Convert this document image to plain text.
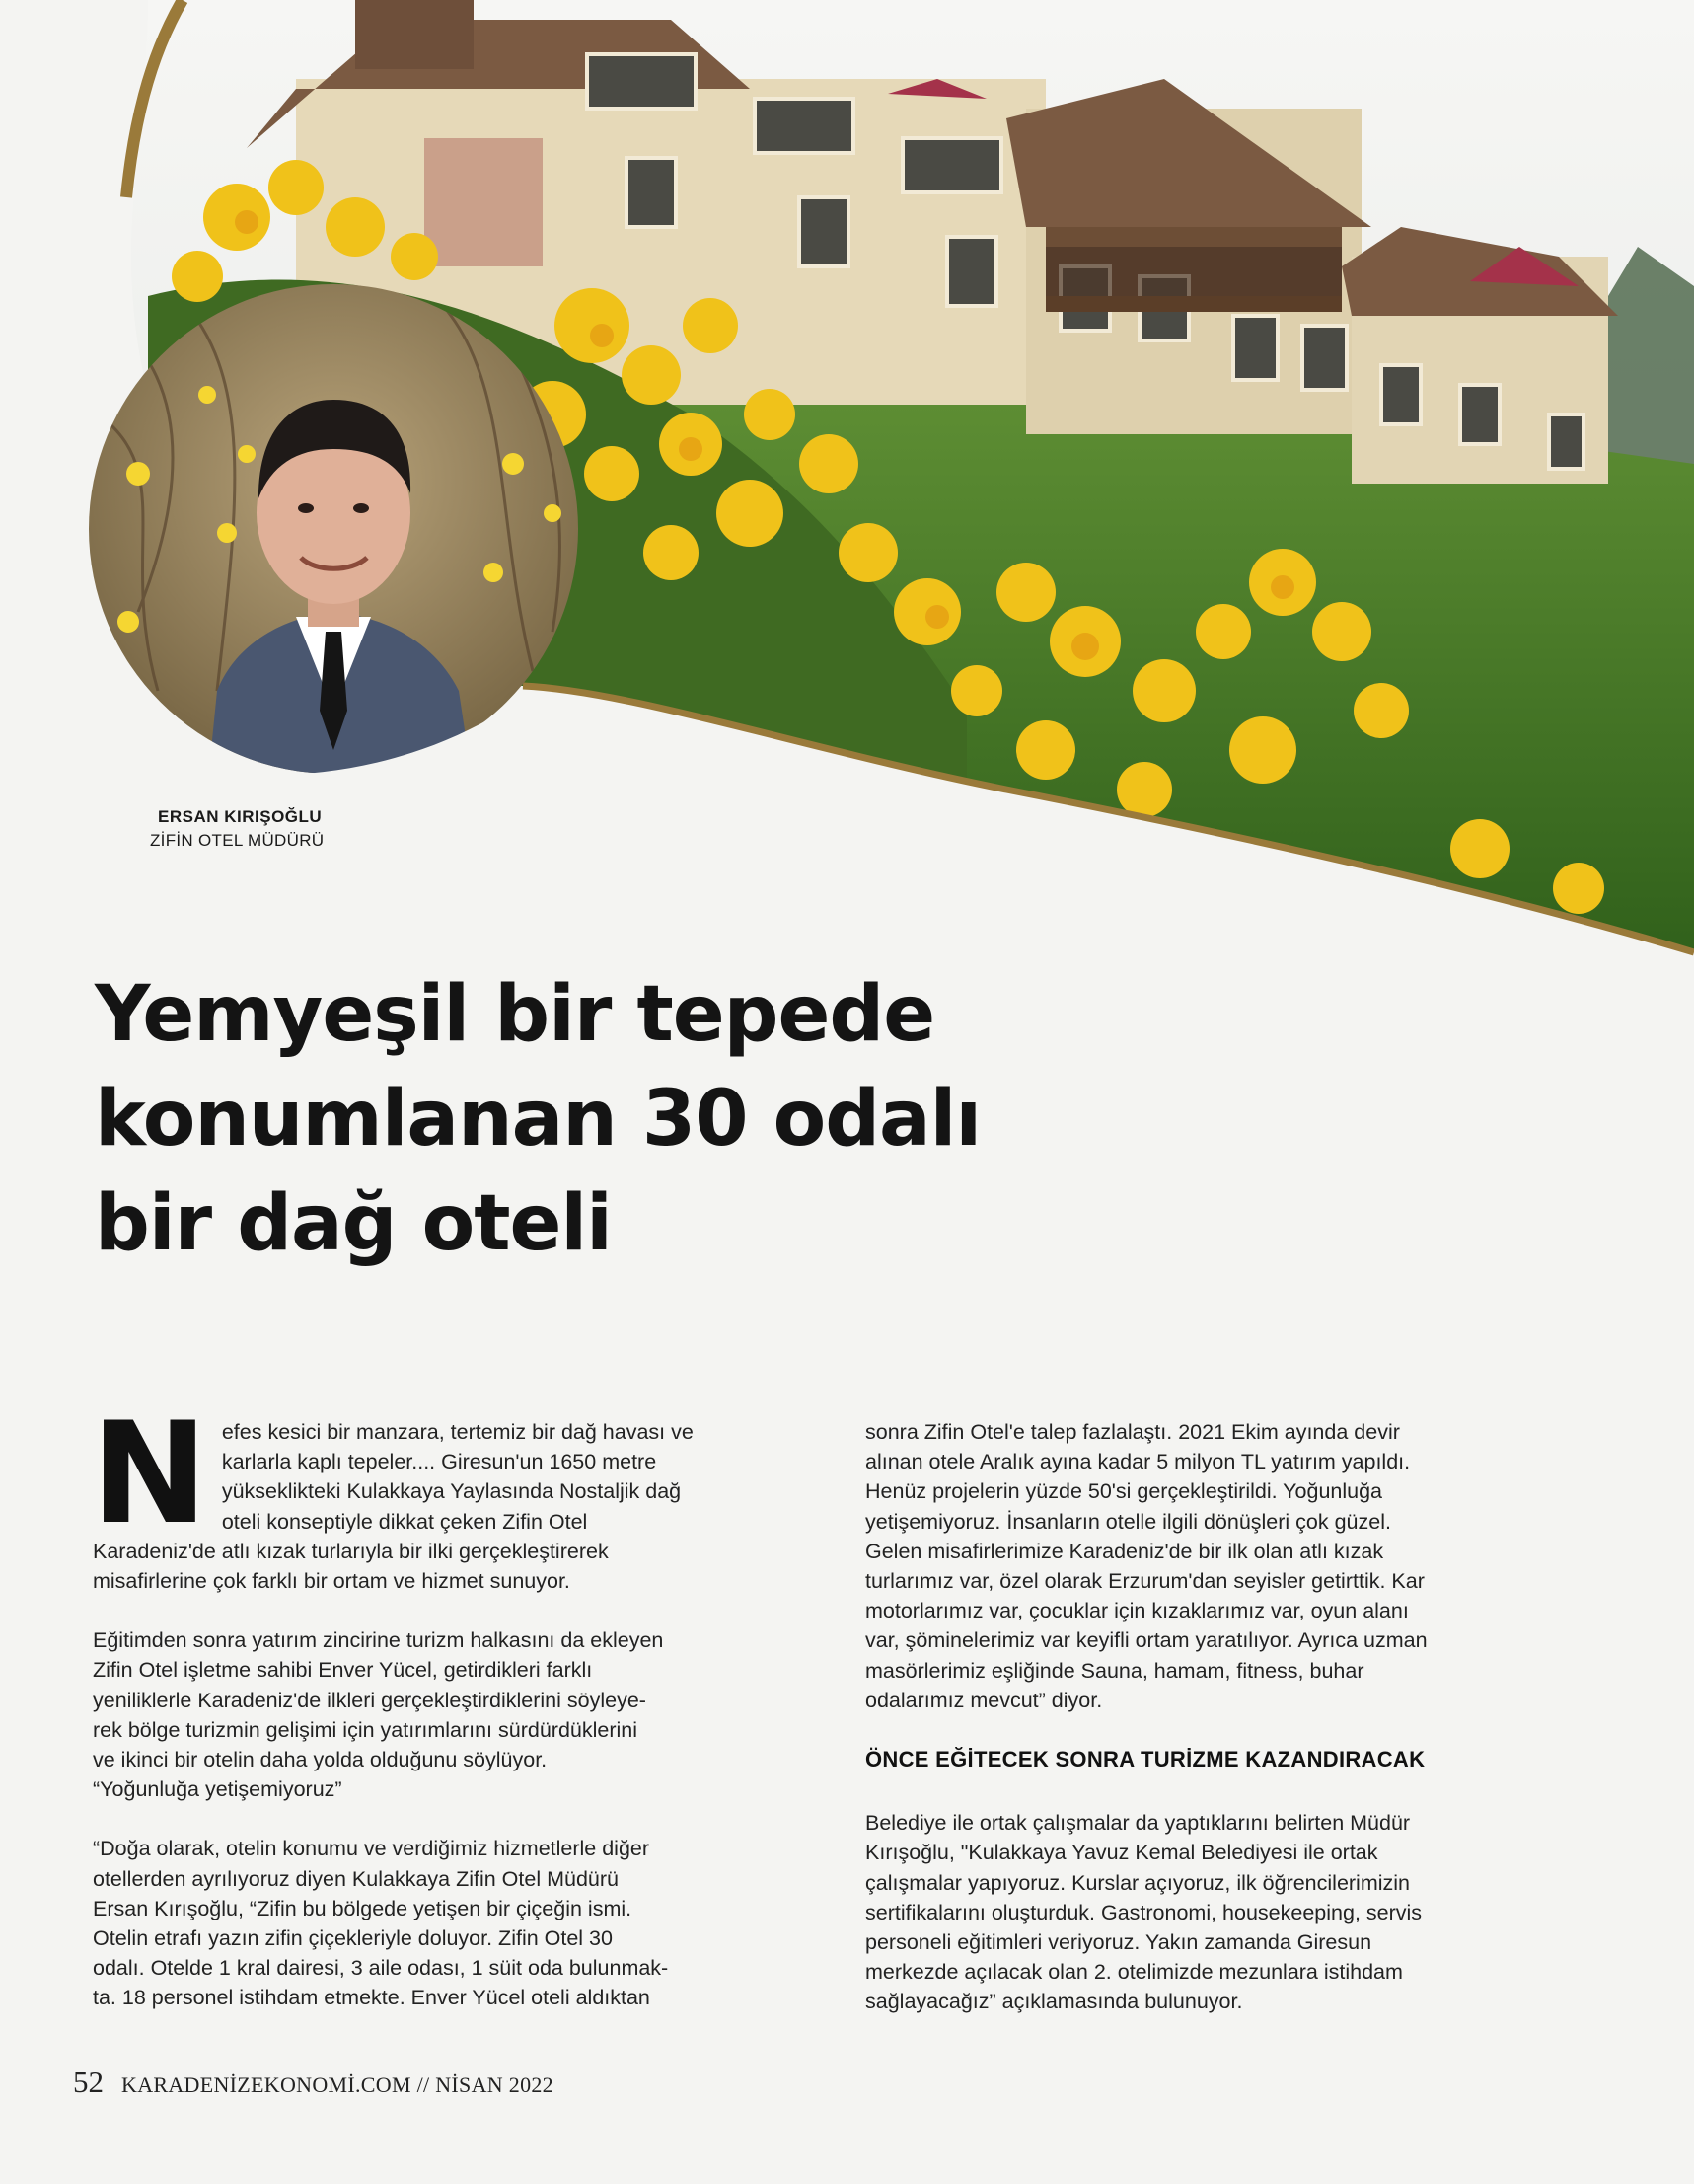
ERSAN KIRIŞOĞLU
ZİFİN OTEL MÜDÜRÜ
Yemyeşil bir tepede
konumlanan 30 odalı
bir dağ oteli
N efes kesici bir manzara, tertemiz bir dağ havası ve
karlarla kaplı tepeler.... Giresun'un 1650 metre
yükseklikteki Kulakkaya Yaylasında Nostaljik dağ
oteli konseptiyle dikkat çeken Zifin Otel
Karadeniz'de atlı kızak turlarıyla bir ilki gerçekleştirerek
misafirlerine çok farklı bir ortam ve hizmet sunuyor.

Eğitimden sonra yatırım zincirine turizm halkasını da ekleyen
Zifin Otel işletme sahibi Enver Yücel, getirdikleri farklı
yeniliklerle Karadeniz'de ilkleri gerçekleştirdiklerini söyleye-
rek bölge turizmin gelişimi için yatırımlarını sürdürdüklerini
ve ikinci bir otelin daha yolda olduğunu söylüyor.
“Yoğunluğa yetişemiyoruz”

“Doğa olarak, otelin konumu ve verdiğimiz hizmetlerle diğer
otellerden ayrılıyoruz diyen Kulakkaya Zifin Otel Müdürü
Ersan Kırışoğlu, “Zifin bu bölgede yetişen bir çiçeğin ismi.
Otelin etrafı yazın zifin çiçekleriyle doluyor. Zifin Otel 30
odalı. Otelde 1 kral dairesi, 3 aile odası, 1 süit oda bulunmak-
ta. 18 personel istihdam etmekte. Enver Yücel oteli aldıktan

sonra Zifin Otel'e talep fazlalaştı. 2021 Ekim ayında devir
alınan otele Aralık ayına kadar 5 milyon TL yatırım yapıldı.
Henüz projelerin yüzde 50'si gerçekleştirildi. Yoğunluğa
yetişemiyoruz. İnsanların otelle ilgili dönüşleri çok güzel.
Gelen misafirlerimize Karadeniz'de bir ilk olan atlı kızak
turlarımız var, özel olarak Erzurum'dan seyisler getirttik. Kar
motorlarımız var, çocuklar için kızaklarımız var, oyun alanı
var, şöminelerimiz var keyifli ortam yaratılıyor. Ayrıca uzman
masörlerimiz eşliğinde Sauna, hamam, fitness, buhar
odalarımız mevcut” diyor.

ÖNCE EĞİTECEK SONRA TURİZME KAZANDIRACAK

Belediye ile ortak çalışmalar da yaptıklarını belirten Müdür
Kırışoğlu, "Kulakkaya Yavuz Kemal Belediyesi ile ortak
çalışmalar yapıyoruz. Kurslar açıyoruz, ilk öğrencilerimizin
sertifikalarını oluşturduk. Gastronomi, housekeeping, servis
personeli eğitimleri veriyoruz. Yakın zamanda Giresun
merkezde açılacak olan 2. otelimizde mezunlara istihdam
sağlayacağız” açıklamasında bulunuyor.

52 KARADENİZEKONOMİ.COM // NİSAN 2022
